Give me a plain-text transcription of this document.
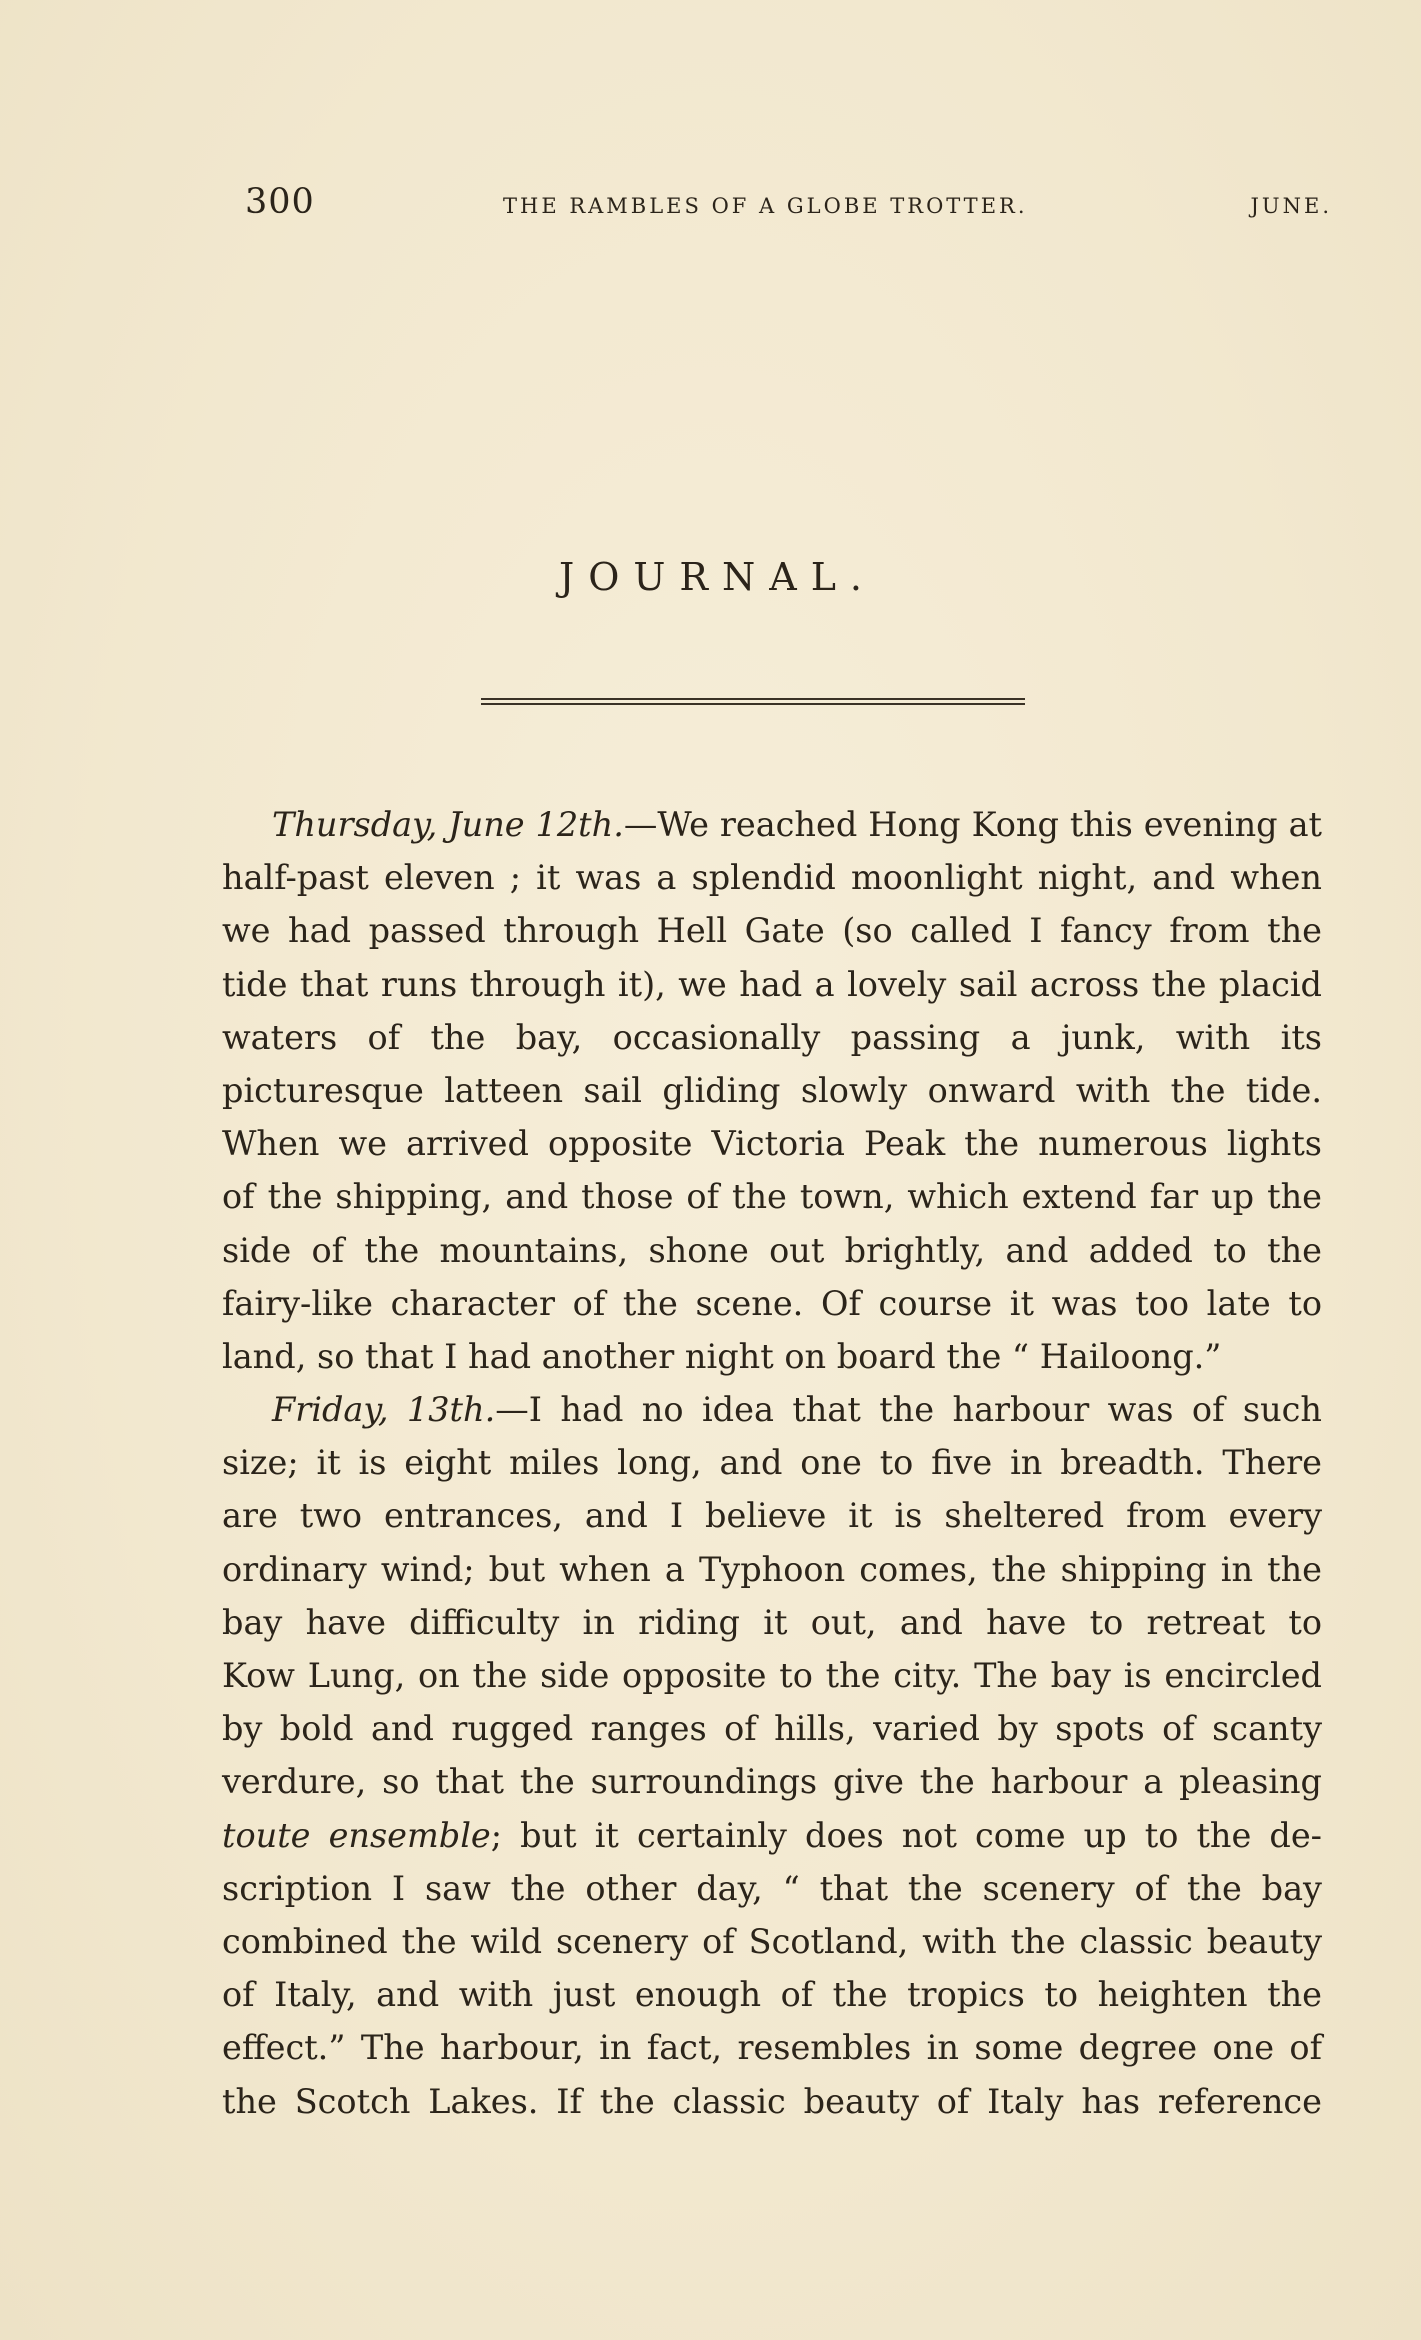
300	THE RAMBLES OF A GLOBE TROTTER.	JUNE.
JOURNAL.
Thursday, June 12th.—We reached Hong Kong this evening at
half-past eleven ; it was a splendid moonlight night, and when
we had passed through Hell Gate (so called I fancy from the
tide that runs through it), we had a lovely sail across the placid
waters of the bay, occasionally passing a junk, with its
picturesque latteen sail gliding slowly onward with the tide.
When we arrived opposite Victoria Peak the numerous lights
of the shipping, and those of the town, which extend far up the
side of the mountains, shone out brightly, and added to the
fairy-like character of the scene. Of course it was too late to
land, so that I had another night on board the “ Hailoong.”
Friday, 13th.—I had no idea that the harbour was of such
size; it is eight miles long, and one to five in breadth. There
are two entrances, and I believe it is sheltered from every
ordinary wind; but when a Typhoon comes, the shipping in the
bay have difficulty in riding it out, and have to retreat to
Kow Lung, on the side opposite to the city. The bay is encircled
by bold and rugged ranges of hills, varied by spots of scanty
verdure, so that the surroundings give the harbour a pleasing
toute ensemble; but it certainly does not come up to the de-
scription I saw the other day, “ that the scenery of the bay
combined the wild scenery of Scotland, with the classic beauty
of Italy, and with just enough of the tropics to heighten the
effect.” The harbour, in fact, resembles in some degree one of
the Scotch Lakes. If the classic beauty of Italy has reference
